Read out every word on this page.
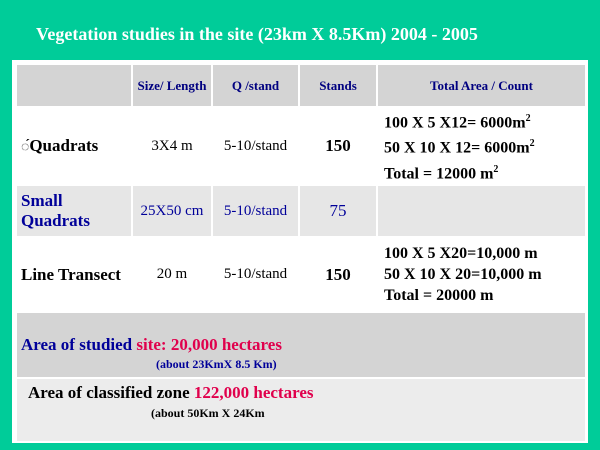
Vegetation studies in the site (23km X 8.5Km) 2004 - 2005
	Size/ Length	Q /stand	Stands	Total Area / Count
◌́Quadrats	3X4 m	5-10/stand	150	100 X 5 $X12= 6000m^2$
50 X 10 X $12= 6000m^2$
Total = 12000 $m^2$

Small Quadrats	25X50 cm	5-10/stand	75	
Line Transect	20 m	5-10/stand	150	100 X 5 X20=10,000 m
50 X 10 X 20=10,000 m
Total = 20000 m

Area of studied site: 20,000 hectares
(about 23KmX 8.5 Km)				

Area of classified zone 122,000 hectares
(about 50Km X 24Km				
